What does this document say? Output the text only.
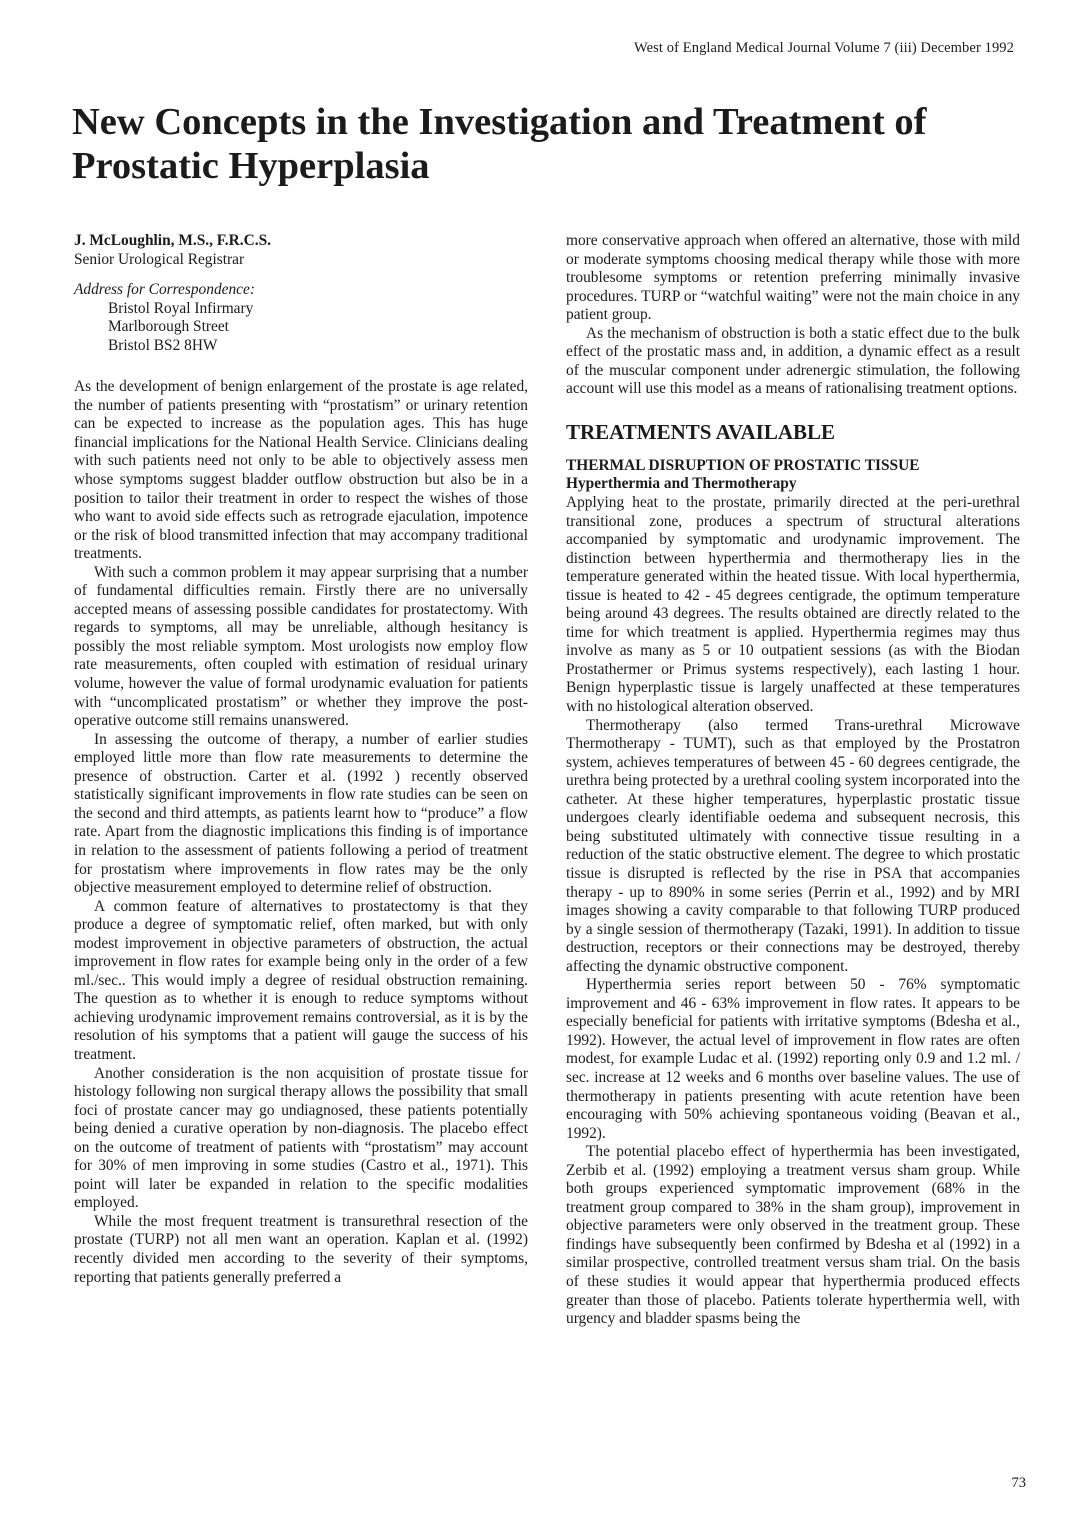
West of England Medical Journal Volume 7 (iii) December 1992
New Concepts in the Investigation and Treatment of Prostatic Hyperplasia
J. McLoughlin, M.S., F.R.C.S.
Senior Urological Registrar
Address for Correspondence:
Bristol Royal Infirmary
Marlborough Street
Bristol BS2 8HW

As the development of benign enlargement of the prostate is age related, the number of patients presenting with “prostatism” or urinary retention can be expected to increase as the population ages. This has huge financial implications for the National Health Service. Clinicians dealing with such patients need not only to be able to objectively assess men whose symptoms suggest bladder outflow obstruction but also be in a position to tailor their treatment in order to respect the wishes of those who want to avoid side effects such as retrograde ejaculation, impotence or the risk of blood transmitted infection that may accompany traditional treatments.

With such a common problem it may appear surprising that a number of fundamental difficulties remain. Firstly there are no universally accepted means of assessing possible candidates for prostatectomy. With regards to symptoms, all may be unreliable, although hesitancy is possibly the most reliable symptom. Most urologists now employ flow rate measurements, often coupled with estimation of residual urinary volume, however the value of formal urodynamic evaluation for patients with “uncomplicated prostatism” or whether they improve the post-operative outcome still remains unanswered.

In assessing the outcome of therapy, a number of earlier studies employed little more than flow rate measurements to determine the presence of obstruction. Carter et al. (1992 ) recently observed statistically significant improvements in flow rate studies can be seen on the second and third attempts, as patients learnt how to “produce” a flow rate. Apart from the diagnostic implications this finding is of importance in relation to the assessment of patients following a period of treatment for prostatism where improvements in flow rates may be the only objective measurement employed to determine relief of obstruction.

A common feature of alternatives to prostatectomy is that they produce a degree of symptomatic relief, often marked, but with only modest improvement in objective parameters of obstruction, the actual improvement in flow rates for example being only in the order of a few ml./sec.. This would imply a degree of residual obstruction remaining. The question as to whether it is enough to reduce symptoms without achieving urodynamic improvement remains controversial, as it is by the resolution of his symptoms that a patient will gauge the success of his treatment.

Another consideration is the non acquisition of prostate tissue for histology following non surgical therapy allows the possibility that small foci of prostate cancer may go undiagnosed, these patients potentially being denied a curative operation by non-diagnosis. The placebo effect on the outcome of treatment of patients with “prostatism” may account for 30% of men improving in some studies (Castro et al., 1971). This point will later be expanded in relation to the specific modalities employed.

While the most frequent treatment is transurethral resection of the prostate (TURP) not all men want an operation. Kaplan et al. (1992) recently divided men according to the severity of their symptoms, reporting that patients generally preferred a

more conservative approach when offered an alternative, those with mild or moderate symptoms choosing medical therapy while those with more troublesome symptoms or retention preferring minimally invasive procedures. TURP or “watchful waiting” were not the main choice in any patient group.

As the mechanism of obstruction is both a static effect due to the bulk effect of the prostatic mass and, in addition, a dynamic effect as a result of the muscular component under adrenergic stimulation, the following account will use this model as a means of rationalising treatment options.

TREATMENTS AVAILABLE
THERMAL DISRUPTION OF PROSTATIC TISSUE
Hyperthermia and Thermotherapy

Applying heat to the prostate, primarily directed at the peri-urethral transitional zone, produces a spectrum of structural alterations accompanied by symptomatic and urodynamic improvement. The distinction between hyperthermia and thermotherapy lies in the temperature generated within the heated tissue. With local hyperthermia, tissue is heated to 42 - 45 degrees centigrade, the optimum temperature being around 43 degrees. The results obtained are directly related to the time for which treatment is applied. Hyperthermia regimes may thus involve as many as 5 or 10 outpatient sessions (as with the Biodan Prostathermer or Primus systems respectively), each lasting 1 hour. Benign hyperplastic tissue is largely unaffected at these temperatures with no histological alteration observed.

Thermotherapy (also termed Trans-urethral Microwave Thermotherapy - TUMT), such as that employed by the Prostatron system, achieves temperatures of between 45 - 60 degrees centigrade, the urethra being protected by a urethral cooling system incorporated into the catheter. At these higher temperatures, hyperplastic prostatic tissue undergoes clearly identifiable oedema and subsequent necrosis, this being substituted ultimately with connective tissue resulting in a reduction of the static obstructive element. The degree to which prostatic tissue is disrupted is reflected by the rise in PSA that accompanies therapy - up to 890% in some series (Perrin et al., 1992) and by MRI images showing a cavity comparable to that following TURP produced by a single session of thermotherapy (Tazaki, 1991). In addition to tissue destruction, receptors or their connections may be destroyed, thereby affecting the dynamic obstructive component.

Hyperthermia series report between 50 - 76% symptomatic improvement and 46 - 63% improvement in flow rates. It appears to be especially beneficial for patients with irritative symptoms (Bdesha et al., 1992). However, the actual level of improvement in flow rates are often modest, for example Ludac et al. (1992) reporting only 0.9 and 1.2 ml. / sec. increase at 12 weeks and 6 months over baseline values. The use of thermotherapy in patients presenting with acute retention have been encouraging with 50% achieving spontaneous voiding (Beavan et al., 1992).

The potential placebo effect of hyperthermia has been investigated, Zerbib et al. (1992) employing a treatment versus sham group. While both groups experienced symptomatic improvement (68% in the treatment group compared to 38% in the sham group), improvement in objective parameters were only observed in the treatment group. These findings have subsequently been confirmed by Bdesha et al (1992) in a similar prospective, controlled treatment versus sham trial. On the basis of these studies it would appear that hyperthermia produced effects greater than those of placebo. Patients tolerate hyperthermia well, with urgency and bladder spasms being the

73
